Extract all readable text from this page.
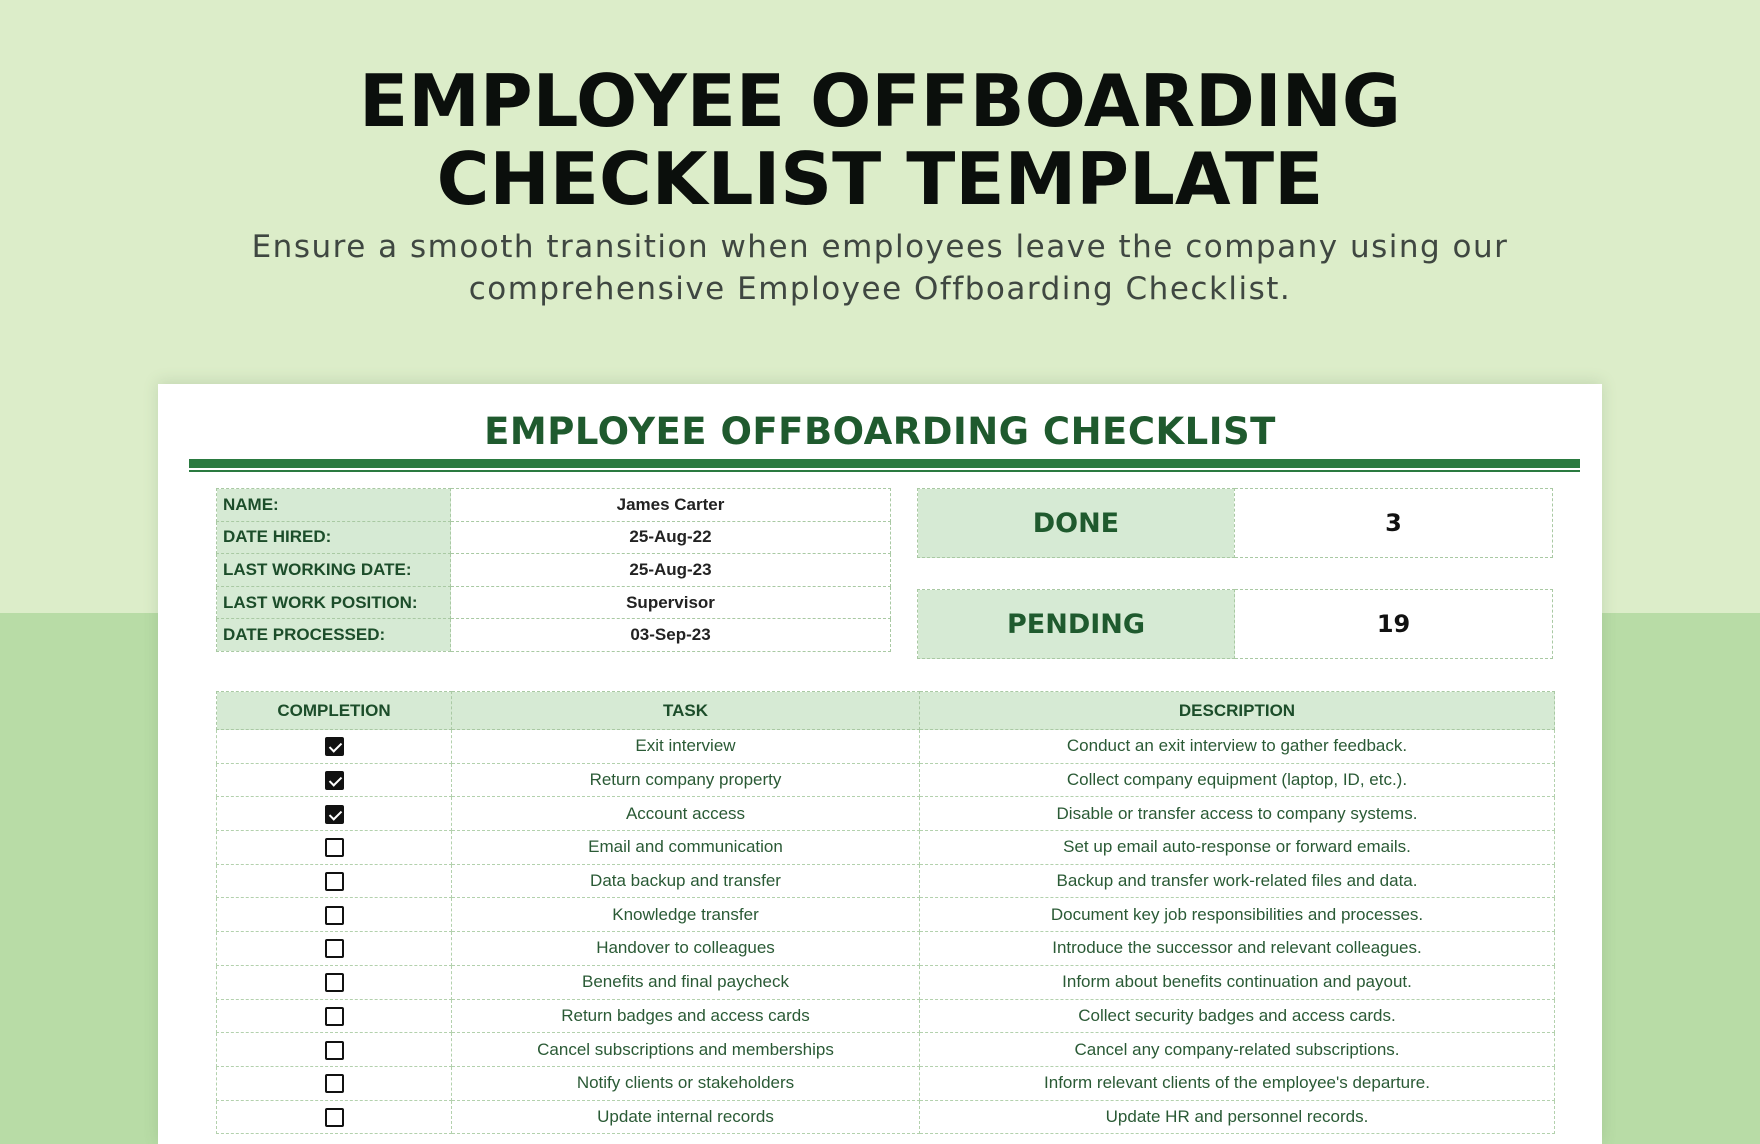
EMPLOYEE OFFBOARDING
CHECKLIST TEMPLATE

Ensure a smooth transition when employees leave the company using our
comprehensive Employee Offboarding Checklist.

EMPLOYEE OFFBOARDING CHECKLIST
NAME:	James Carter
DATE HIRED:	25-Aug-22
LAST WORKING DATE:	25-Aug-23
LAST WORK POSITION:	Supervisor
DATE PROCESSED:	03-Sep-23
DONE	3
PENDING	19
COMPLETION	TASK	DESCRIPTION
	Exit interview	Conduct an exit interview to gather feedback.
	Return company property	Collect company equipment (laptop, ID, etc.).
	Account access	Disable or transfer access to company systems.
	Email and communication	Set up email auto-response or forward emails.
	Data backup and transfer	Backup and transfer work-related files and data.
	Knowledge transfer	Document key job responsibilities and processes.
	Handover to colleagues	Introduce the successor and relevant colleagues.
	Benefits and final paycheck	Inform about benefits continuation and payout.
	Return badges and access cards	Collect security badges and access cards.
	Cancel subscriptions and memberships	Cancel any company-related subscriptions.
	Notify clients or stakeholders	Inform relevant clients of the employee's departure.
	Update internal records	Update HR and personnel records.
